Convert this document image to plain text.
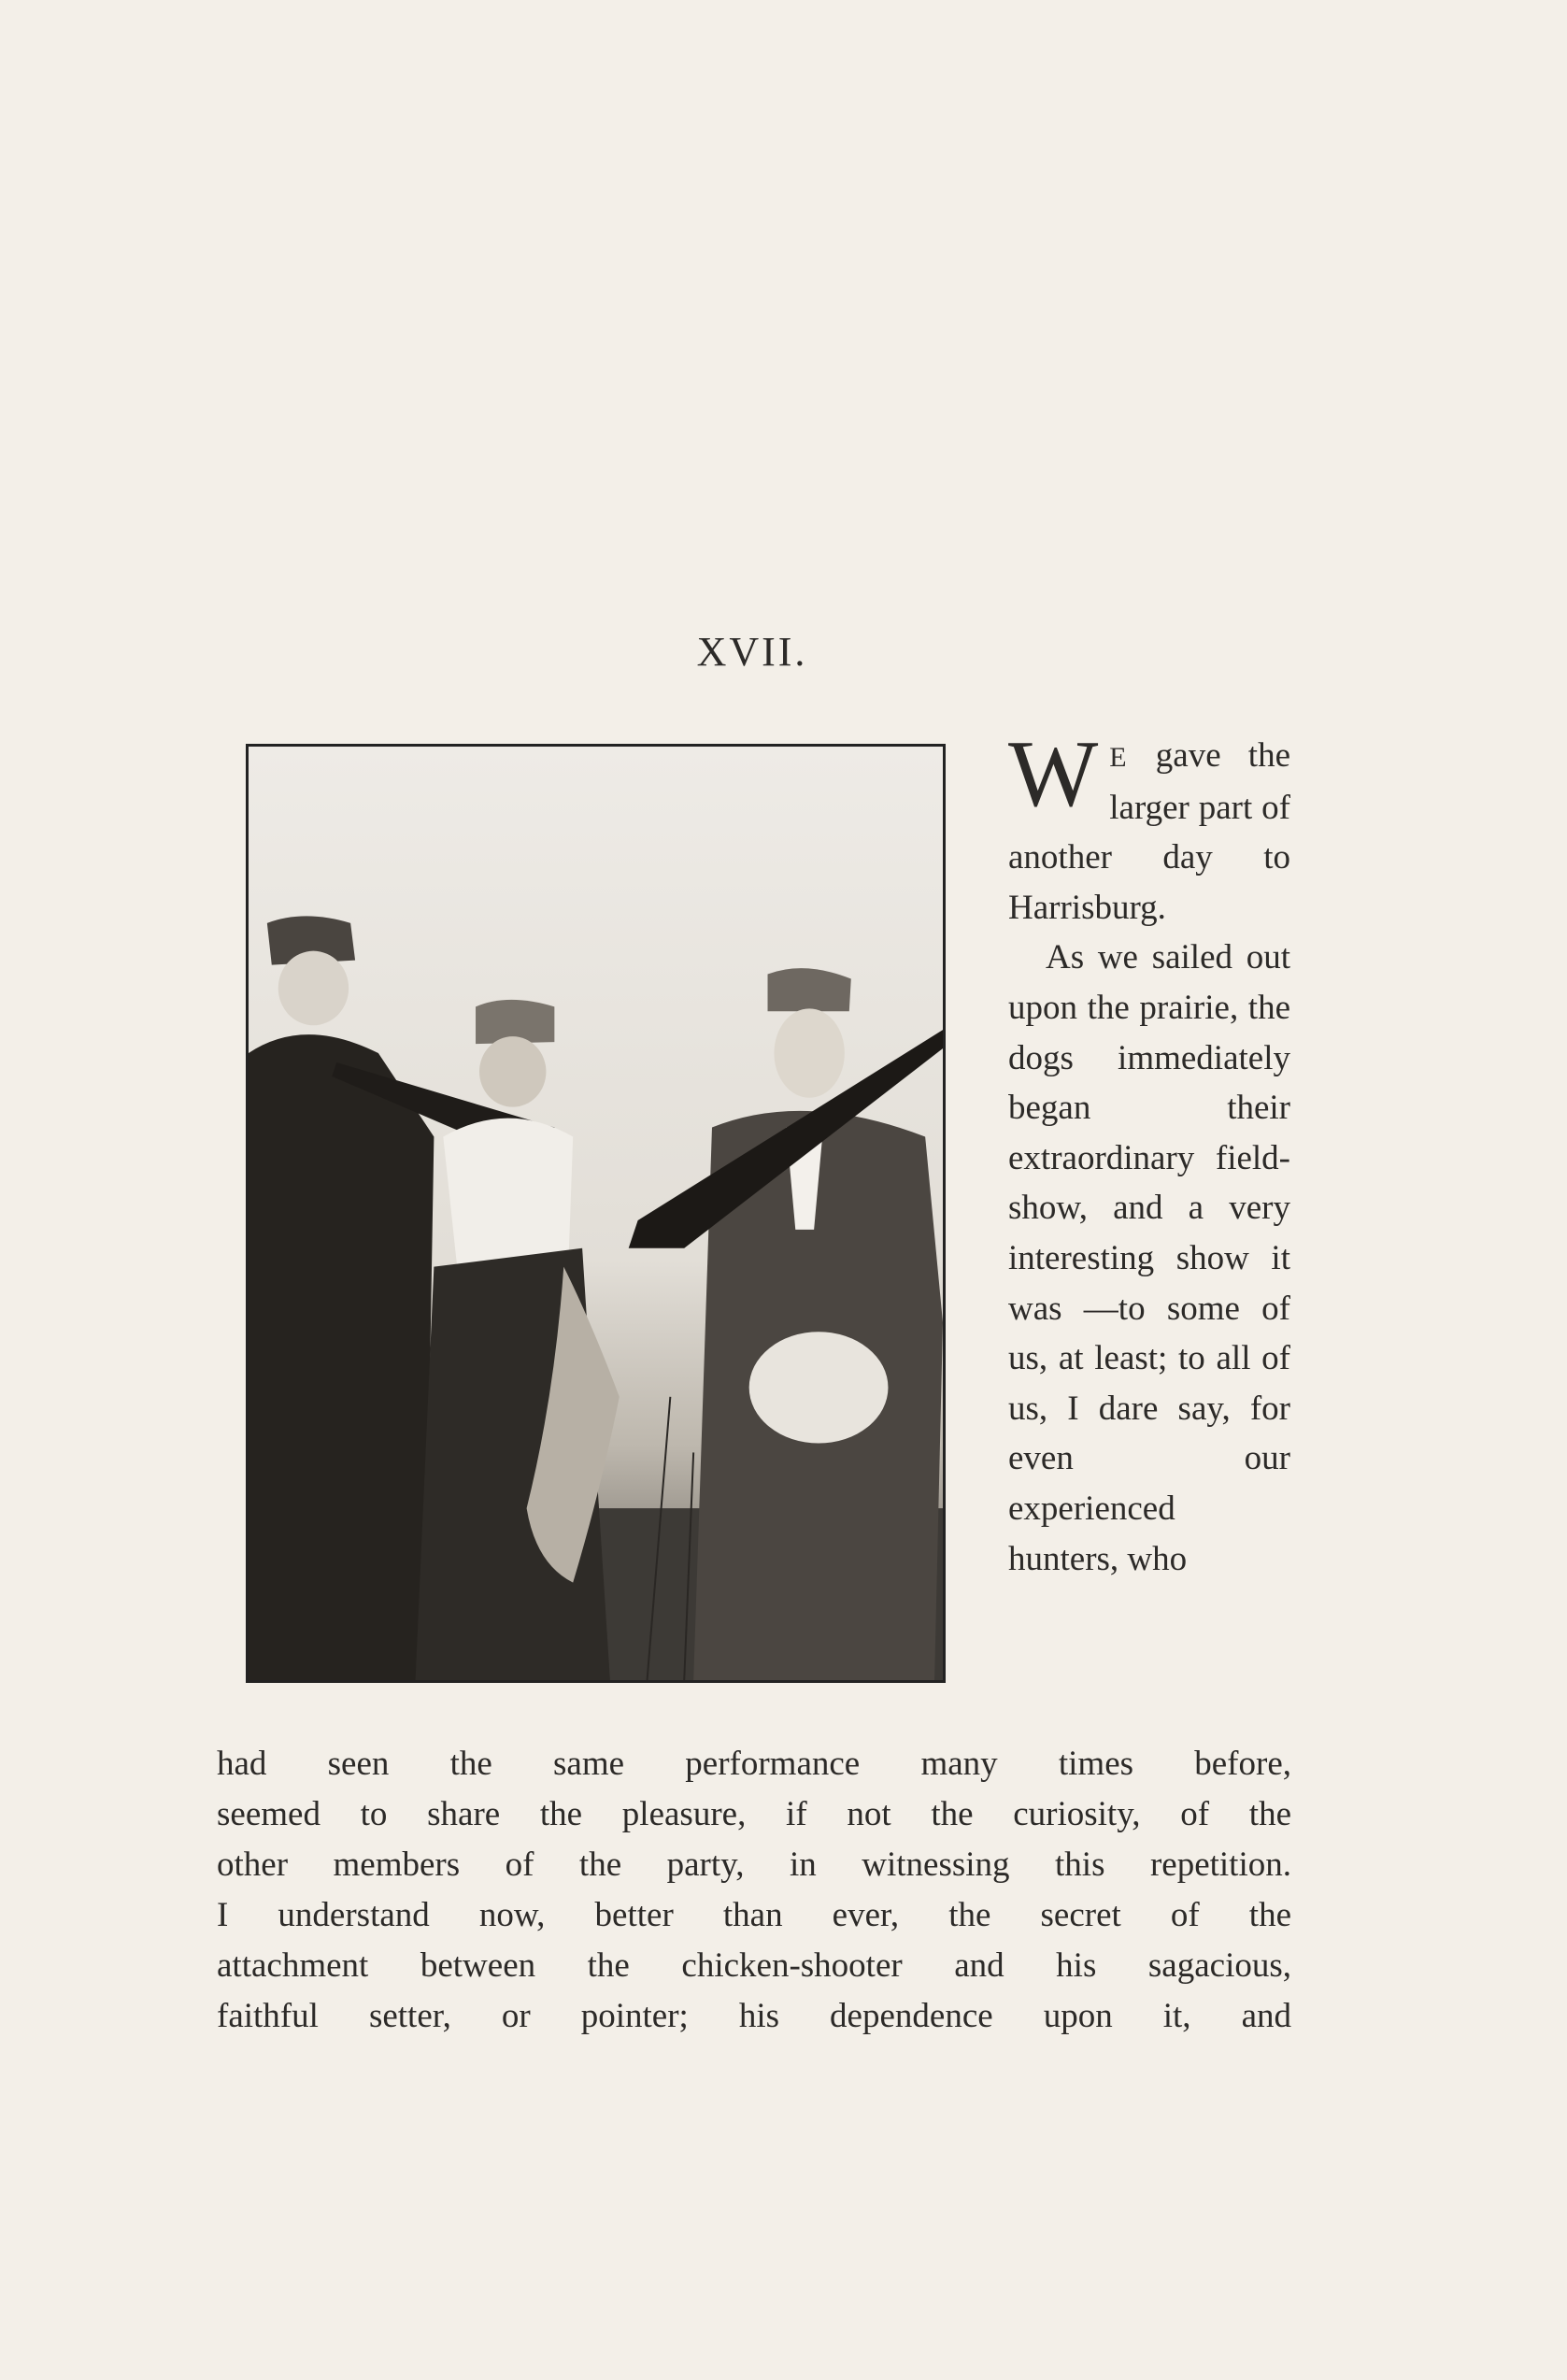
XVII.

W E gave the larger part of another day to Harrisburg.

As we sailed out upon the prairie, the dogs immediately began their extraordinary field-show, and a very interesting show it was —to some of us, at least; to all of us, I dare say, for even our experienced hunters, who

had seen the same performance many times before,
seemed to share the pleasure, if not the curiosity, of the
other members of the party, in witnessing this repetition.
I understand now, better than ever, the secret of the
attachment between the chicken-shooter and his sagacious,
faithful setter, or pointer; his dependence upon it, and
